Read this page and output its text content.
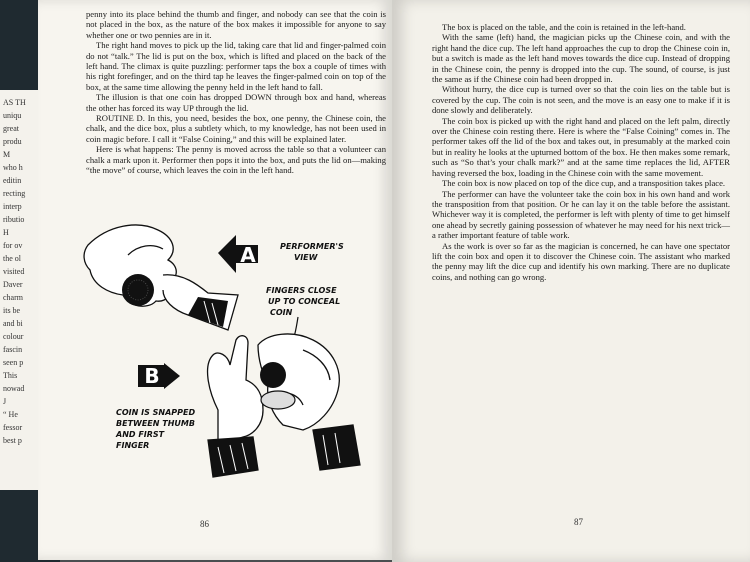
AS TH
uniqu
great
produ
M
who h
editin
recting
interp
ributio
H
for ov
the ol
visited
Daver
charm
its be
and bi
colour
fascin
seen p
This
nowad
J
“ He
fessor
best p

penny into its place behind the thumb and finger, and nobody can see that the coin is not placed in the box, as the nature of the box makes it impossible for anyone to say whether one or two pennies are in it.

The right hand moves to pick up the lid, taking care that lid and finger-palmed coin do not “talk.” The lid is put on the box, which is lifted and placed on the back of the left hand. The climax is quite puzzling: performer taps the box a couple of times with his right forefinger, and on the third tap he leaves the finger-palmed coin on top of the box, at the same time allowing the penny held in the left hand to fall.

The illusion is that one coin has dropped DOWN through box and hand, whereas the other has forced its way UP through the lid.

ROUTINE D. In this, you need, besides the box, one penny, the Chinese coin, the chalk, and the dice box, plus a subtlety which, to my knowledge, has not been used in coin magic before. I call it “False Coining,” and this will be explained later.

Here is what happens: The penny is moved across the table so that a volunteer can chalk a mark upon it. Performer then pops it into the box, and puts the lid on—making “the move” of course, which leaves the coin in the left hand.

A	PERFORMER'S
VIEW
FINGERS CLOSE
UP TO CONCEAL
COIN
B
COIN IS SNAPPED
BETWEEN THUMB
AND FIRST
FINGER
86

The box is placed on the table, and the coin is retained in the left-hand.

With the same (left) hand, the magician picks up the Chinese coin, and with the right hand the dice cup. The left hand approaches the cup to drop the Chinese coin in, but a switch is made as the left hand moves towards the dice cup. Instead of dropping in the Chinese coin, the penny is dropped into the cup. The sound, of course, is just the same as if the Chinese coin had been dropped in.

Without hurry, the dice cup is turned over so that the coin lies on the table but is covered by the cup. The coin is not seen, and the move is an easy one to make if it is done slowly and deliberately.

The coin box is picked up with the right hand and placed on the left palm, directly over the Chinese coin resting there. Here is where the “False Coining” comes in. The performer takes off the lid of the box and takes out, in presumably at the marked coin but in reality he looks at the upturned bottom of the box. He then makes some remark, such as “So that’s your chalk mark?” and at the same time replaces the lid, AFTER having reversed the box, loading in the Chinese coin with the same movement.

The coin box is now placed on top of the dice cup, and a transposition takes place.

The performer can have the volunteer take the coin box in his own hand and work the transposition from that position. Or he can lay it on the table before the assistant. Whichever way it is completed, the performer is left with plenty of time to get himself one ahead by secretly gaining possession of whatever he may need for his next trick—a rather important feature of table work.

As the work is over so far as the magician is concerned, he can have one spectator lift the coin box and open it to discover the Chinese coin. The assistant who marked the penny may lift the dice cup and identify his own marking. There are no duplicate coins, and nothing can go wrong.

87
